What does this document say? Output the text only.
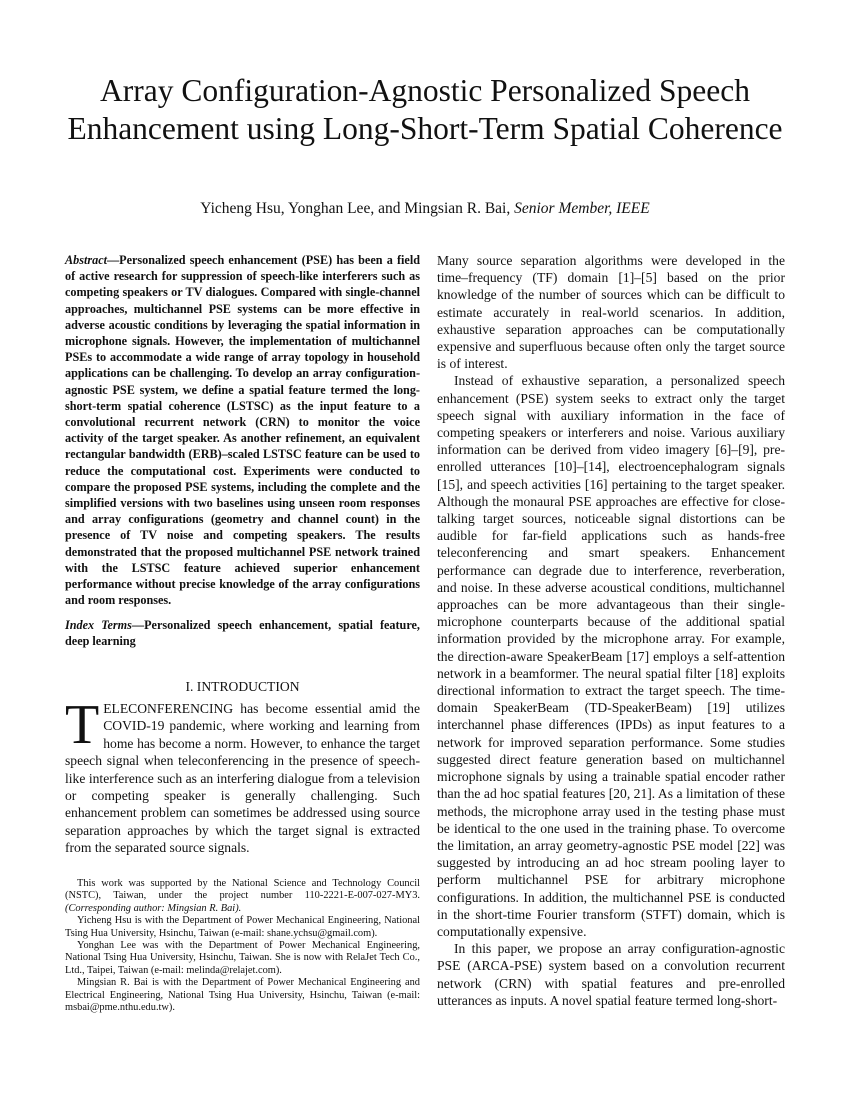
Array Configuration-Agnostic Personalized Speech Enhancement using Long-Short-Term Spatial Coherence
Yicheng Hsu, Yonghan Lee, and Mingsian R. Bai, Senior Member, IEEE
Abstract—Personalized speech enhancement (PSE) has been a field of active research for suppression of speech-like interferers such as competing speakers or TV dialogues. Compared with single-channel approaches, multichannel PSE systems can be more effective in adverse acoustic conditions by leveraging the spatial information in microphone signals. However, the implementation of multichannel PSEs to accommodate a wide range of array topology in household applications can be challenging. To develop an array configuration-agnostic PSE system, we define a spatial feature termed the long-short-term spatial coherence (LSTSC) as the input feature to a convolutional recurrent network (CRN) to monitor the voice activity of the target speaker. As another refinement, an equivalent rectangular bandwidth (ERB)–scaled LSTSC feature can be used to reduce the computational cost. Experiments were conducted to compare the proposed PSE systems, including the complete and the simplified versions with two baselines using unseen room responses and array configurations (geometry and channel count) in the presence of TV noise and competing speakers. The results demonstrated that the proposed multichannel PSE network trained with the LSTSC feature achieved superior enhancement performance without precise knowledge of the array configurations and room responses.
Index Terms—Personalized speech enhancement, spatial feature, deep learning
I. INTRODUCTION
TELECONFERENCING has become essential amid the COVID-19 pandemic, where working and learning from home has become a norm. However, to enhance the target speech signal when teleconferencing in the presence of speech-like interference such as an interfering dialogue from a television or competing speaker is generally challenging. Such enhancement problem can sometimes be addressed using source separation approaches by which the target signal is extracted from the separated source signals.

This work was supported by the National Science and Technology Council (NSTC), Taiwan, under the project number 110-2221-E-007-027-MY3. (Corresponding author: Mingsian R. Bai).

Yicheng Hsu is with the Department of Power Mechanical Engineering, National Tsing Hua University, Hsinchu, Taiwan (e-mail: shane.ychsu@gmail.com).

Yonghan Lee was with the Department of Power Mechanical Engineering, National Tsing Hua University, Hsinchu, Taiwan. She is now with RelaJet Tech Co., Ltd., Taipei, Taiwan (e-mail: melinda@relajet.com).

Mingsian R. Bai is with the Department of Power Mechanical Engineering and Electrical Engineering, National Tsing Hua University, Hsinchu, Taiwan (e-mail: msbai@pme.nthu.edu.tw).

Many source separation algorithms were developed in the time–frequency (TF) domain [1]–[5] based on the prior knowledge of the number of sources which can be difficult to estimate accurately in real-world scenarios. In addition, exhaustive separation approaches can be computationally expensive and superfluous because often only the target source is of interest.

Instead of exhaustive separation, a personalized speech enhancement (PSE) system seeks to extract only the target speech signal with auxiliary information in the face of competing speakers or interferers and noise. Various auxiliary information can be derived from video imagery [6]–[9], pre-enrolled utterances [10]–[14], electroencephalogram signals [15], and speech activities [16] pertaining to the target speaker. Although the monaural PSE approaches are effective for close-talking target sources, noticeable signal distortions can be audible for far-field applications such as hands-free teleconferencing and smart speakers. Enhancement performance can degrade due to interference, reverberation, and noise. In these adverse acoustical conditions, multichannel approaches can be more advantageous than their single-microphone counterparts because of the additional spatial information provided by the microphone array. For example, the direction-aware SpeakerBeam [17] employs a self-attention network in a beamformer. The neural spatial filter [18] exploits directional information to extract the target speech. The time-domain SpeakerBeam (TD-SpeakerBeam) [19] utilizes interchannel phase differences (IPDs) as input features to a network for improved separation performance. Some studies suggested direct feature generation based on multichannel microphone signals by using a trainable spatial encoder rather than the ad hoc spatial features [20, 21]. As a limitation of these methods, the microphone array used in the testing phase must be identical to the one used in the training phase. To overcome the limitation, an array geometry-agnostic PSE model [22] was suggested by introducing an ad hoc stream pooling layer to perform multichannel PSE for arbitrary microphone configurations. In addition, the multichannel PSE is conducted in the short-time Fourier transform (STFT) domain, which is computationally expensive.

In this paper, we propose an array configuration-agnostic PSE (ARCA-PSE) system based on a convolution recurrent network (CRN) with spatial features and pre-enrolled utterances as inputs. A novel spatial feature termed long-short-
